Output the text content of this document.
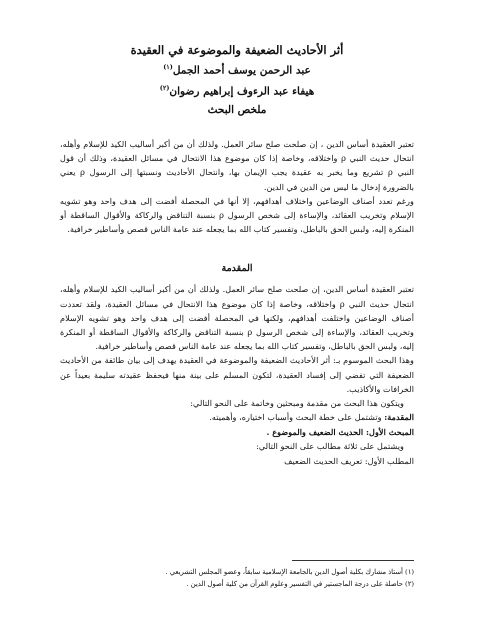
أثر الأحاديث الضعيفة والموضوعة في العقيدة

عبد الرحمن يوسف أحمد الجمل$^{(١)}$

هيفاء عبد الرءوف إبراهيم رضوان$^{(٢)}$

ملخص البحث

تعتبر العقيدة أساس الدين ، إن صلحت صلح سائر العمل. ولذلك أن من أكبر أساليب الكيد للإسلام وأهله، انتحال حديث النبي ρ واختلاقه، وخاصة إذا كان موضوع هذا الانتحال في مسائل العقيدة، وذلك أن قول النبي ρ تشريع وما يخبر به عقيدة يجب الإيمان بها، وانتحال الأحاديث ونسبتها إلى الرسول ρ يعني بالضرورة إدخال ما ليس من الدين في الدين.

ورغم تعدد أصناف الوضاعين واختلاف أهدافهم، إلا أنها في المحصلة أفضت إلى هدف واحد وهو تشويه الإسلام وتخريب العقائد، والإساءة إلى شخص الرسول ρ بنسبة التناقض والركاكة والأقوال الساقطة أو المنكرة إليه، ولبس الحق بالباطل، وتفسير كتاب الله بما يجعله عند عامة الناس قصص وأساطير خرافية.

المقدمة

تعتبر العقيدة أساس الدين، إن صلحت صلح سائر العمل. ولذلك أن من أكبر أساليب الكيد للإسلام وأهله، انتحال حديث النبي ρ واختلاقه، وخاصة إذا كان موضوع هذا الانتحال في مسائل العقيدة، ولقد تعددت أصناف الوضاعين واختلفت أهدافهم، ولكنها في المحصلة أفضت إلى هدف واحد وهو تشويه الإسلام وتخريب العقائد، والإساءة إلى شخص الرسول ρ بنسبة التناقض والركاكة والأقوال الساقطة أو المنكرة إليه، ولبس الحق بالباطل، وتفسير كتاب الله بما يجعله عند عامة الناس قصص وأساطير خرافية.

وهذا البحث الموسوم بـ: أثر الأحاديث الضعيفة والموضوعة في العقيدة يهدف إلى بيان طائفة من الأحاديث الضعيفة التي تفضي إلى إفساد العقيدة، لتكون المسلم على بينة منها فيحفظ عقيدته سليمة بعيداً عن الخرافات والأكاذيب.

ويتكون هذا البحث من مقدمة ومبحثين وخاتمة على النحو التالي:

المقدمة: وتشتمل على خطة البحث وأسباب اختياره، وأهميته.

المبحث الأول: الحديث الضعيف والموضوع .

ويشتمل على ثلاثة مطالب على النحو التالي:

المطلب الأول: تعريف الحديث الضعيف

(١) أستاذ مشارك بكلية أصول الدين بالجامعة الإسلامية سابقاً، وعضو المجلس التشريعي .
(٢) حاصلة على درجة الماجستير في التفسير وعلوم القرآن من كلية أصول الدين .
